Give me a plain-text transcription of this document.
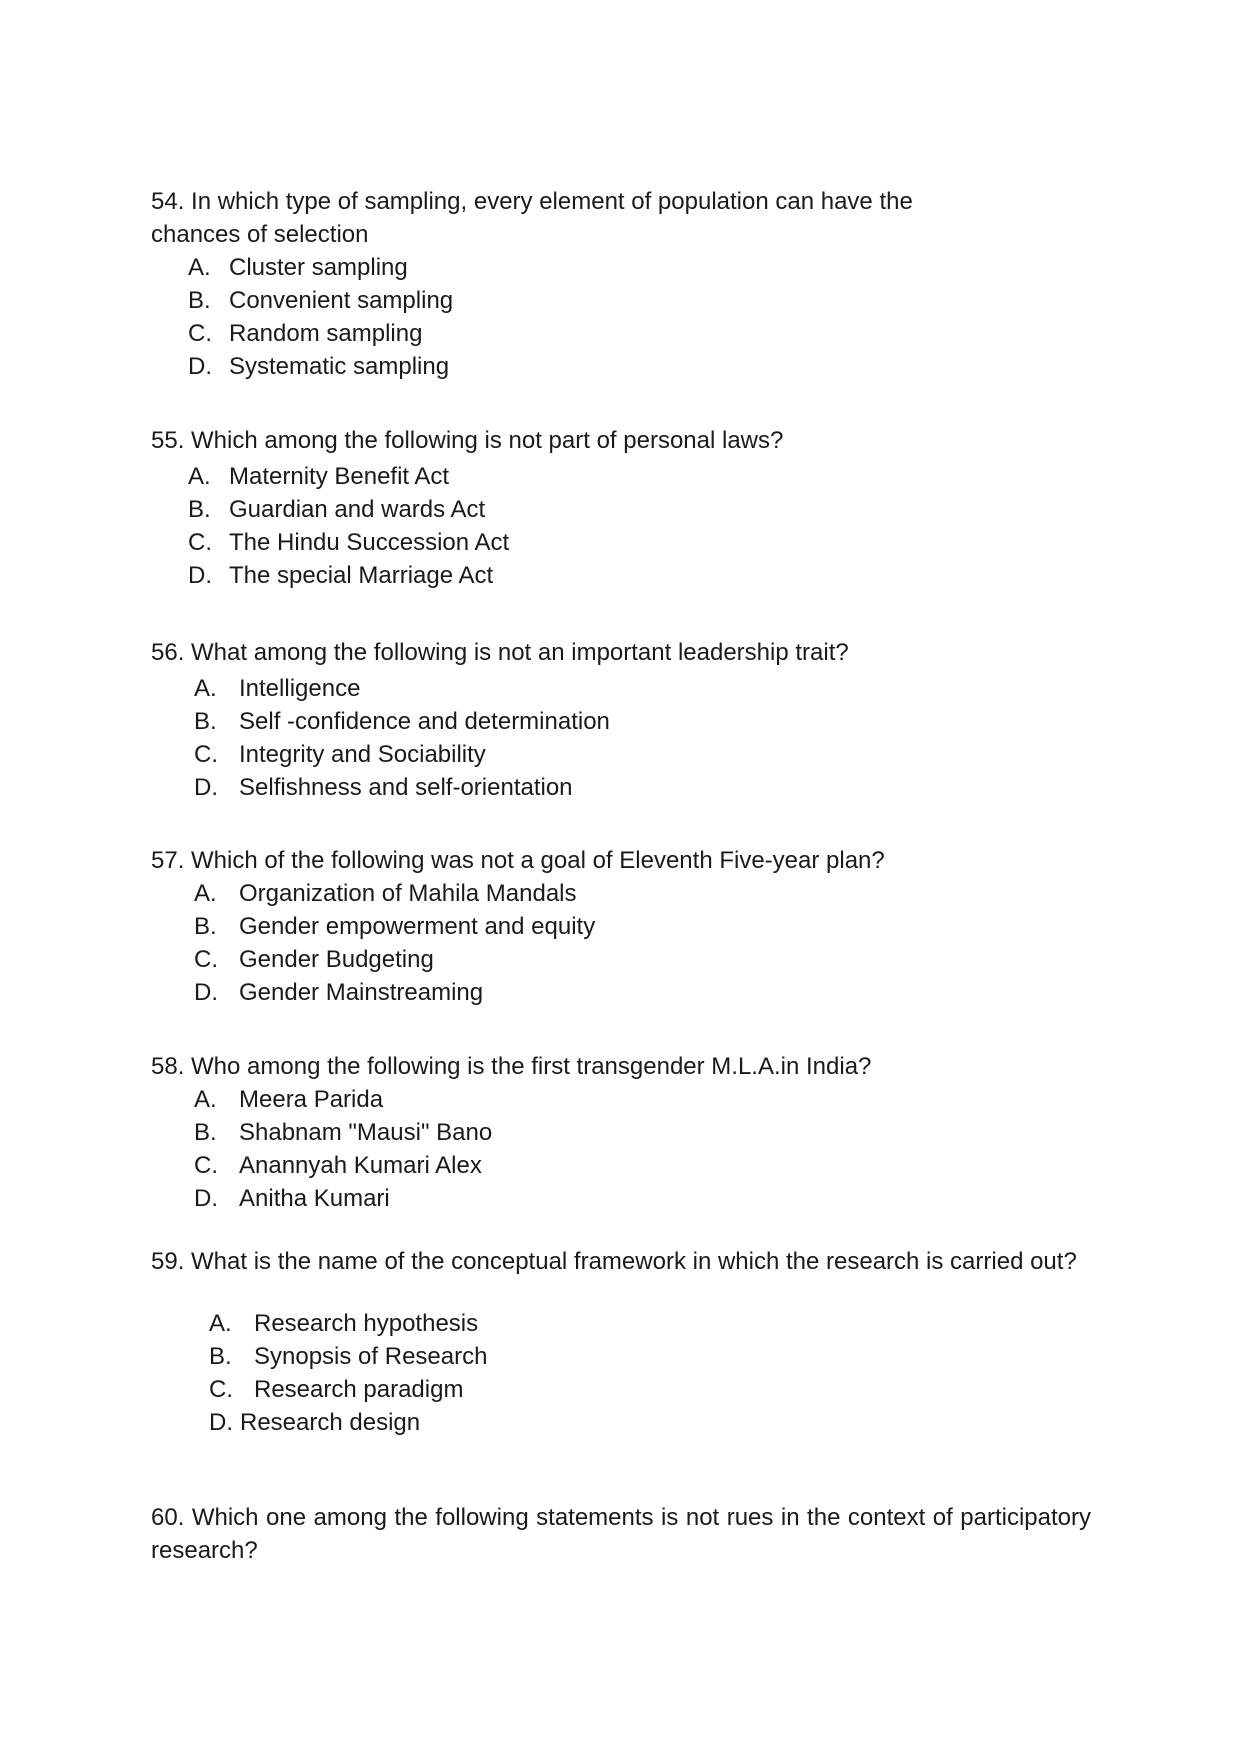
54. In which type of sampling, every element of population can have the
chances of selection
A. Cluster sampling
B. Convenient sampling
C. Random sampling
D. Systematic sampling
55. Which among the following is not part of personal laws?
A. Maternity Benefit Act
B. Guardian and wards Act
C. The Hindu Succession Act
D. The special Marriage Act
56. What among the following is not an important leadership trait?
A. Intelligence
B. Self -confidence and determination
C. Integrity and Sociability
D. Selfishness and self-orientation
57. Which of the following was not a goal of Eleventh Five-year plan?
A. Organization of Mahila Mandals
B. Gender empowerment and equity
C. Gender Budgeting
D. Gender Mainstreaming
58. Who among the following is the first transgender M.L.A.in India?
A. Meera Parida
B. Shabnam "Mausi" Bano
C. Anannyah Kumari Alex
D. Anitha Kumari
59. What is the name of the conceptual framework in which the research is carried out?
A. Research hypothesis
B. Synopsis of Research
C. Research paradigm
D. Research design
60. Which one among the following statements is not rues in the context of participatory research?
